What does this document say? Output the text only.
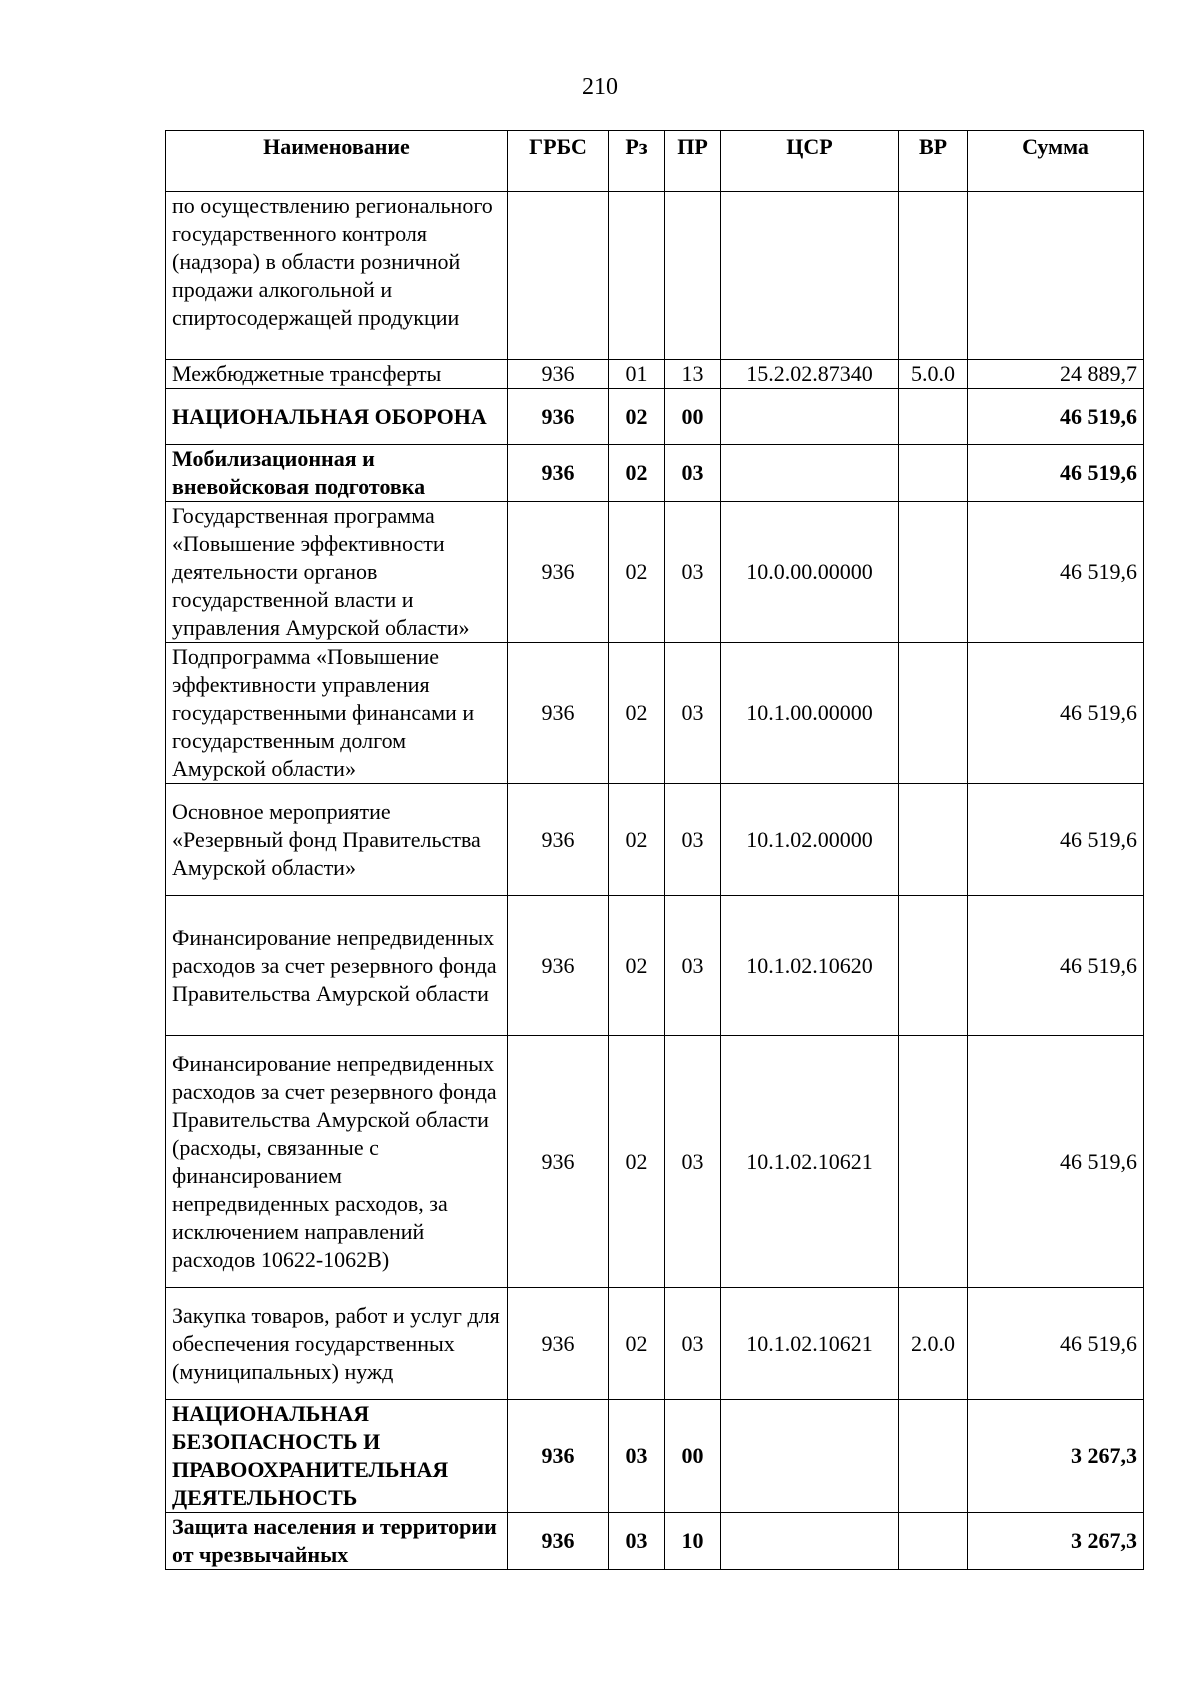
210
Наименование	ГРБС	Рз	ПР	ЦСР	ВР	Сумма
по осуществлению регионального государственного контроля (надзора) в области розничной продажи алкогольной и спиртосодержащей продукции						
Межбюджетные трансферты	936	01	13	15.2.02.87340	5.0.0	24 889,7
НАЦИОНАЛЬНАЯ ОБОРОНА	936	02	00			46 519,6
Мобилизационная и вневойсковая подготовка	936	02	03			46 519,6
Государственная программа «Повышение эффективности деятельности органов государственной власти и управления Амурской области»	936	02	03	10.0.00.00000		46 519,6
Подпрограмма «Повышение эффективности управления государственными финансами и государственным долгом Амурской области»	936	02	03	10.1.00.00000		46 519,6
Основное мероприятие «Резервный фонд Правительства Амурской области»	936	02	03	10.1.02.00000		46 519,6
Финансирование непредвиденных расходов за счет резервного фонда Правительства Амурской области	936	02	03	10.1.02.10620		46 519,6
Финансирование непредвиденных расходов за счет резервного фонда Правительства Амурской области (расходы, связанные с финансированием непредвиденных расходов, за исключением направлений расходов 10622-1062В)	936	02	03	10.1.02.10621		46 519,6
Закупка товаров, работ и услуг для обеспечения государственных (муниципальных) нужд	936	02	03	10.1.02.10621	2.0.0	46 519,6
НАЦИОНАЛЬНАЯ БЕЗОПАСНОСТЬ И ПРАВООХРАНИТЕЛЬНАЯ ДЕЯТЕЛЬНОСТЬ	936	03	00			3 267,3
Защита населения и территории от чрезвычайных	936	03	10			3 267,3
